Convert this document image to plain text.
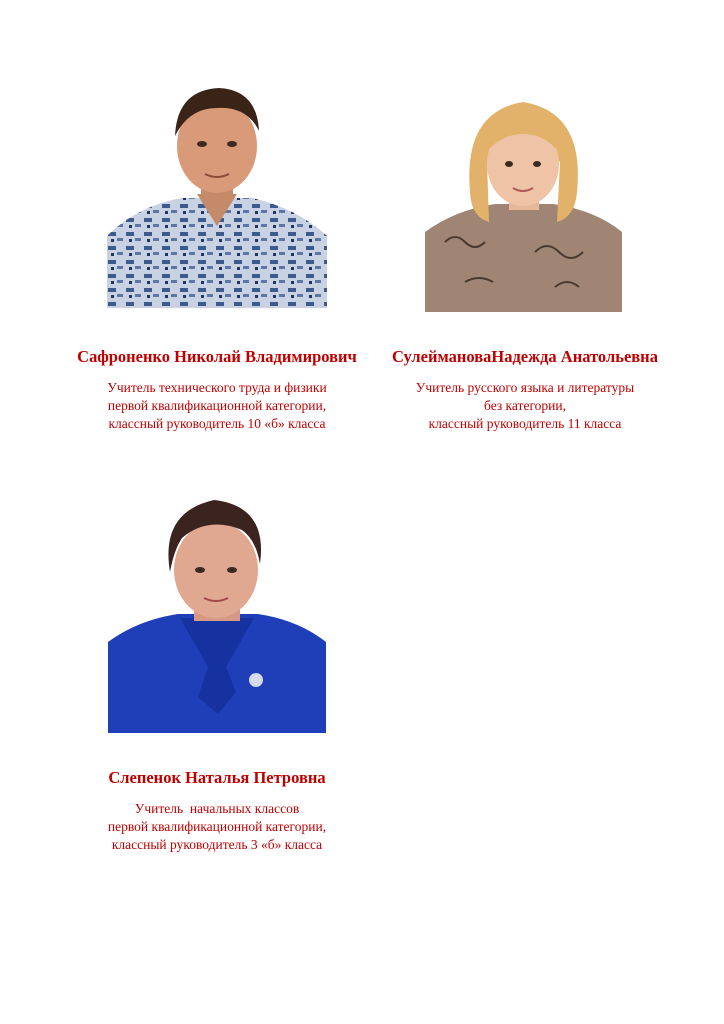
Сафроненко Николай Владимирович
Учитель технического труда и физики
первой квалификационной категории,
классный руководитель 10 «б» класса
СулеймановаНадежда Анатольевна
Учитель русского языка и литературы
без категории,
классный руководитель 11 класса
Слепенок Наталья Петровна
Учитель  начальных классов
первой квалификационной категории,
классный руководитель 3 «б» класса
